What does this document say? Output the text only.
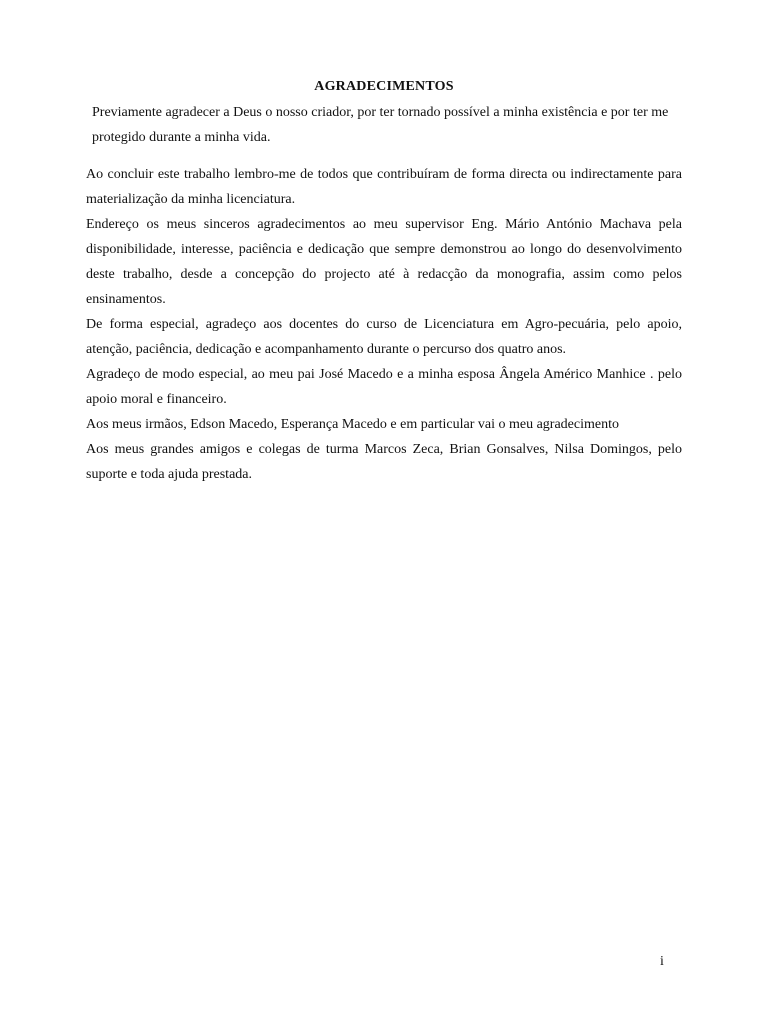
AGRADECIMENTOS
Previamente agradecer a Deus o nosso criador, por ter tornado possível a minha existência e por ter me protegido durante a minha vida.

Ao concluir este trabalho lembro-me de todos que contribuíram de forma directa ou indirectamente para materialização da minha licenciatura.

Endereço os meus sinceros agradecimentos ao meu supervisor Eng. Mário António Machava pela disponibilidade, interesse, paciência e dedicação que sempre demonstrou ao longo do desenvolvimento deste trabalho, desde a concepção do projecto até à redacção da monografia, assim como pelos ensinamentos.

De forma especial, agradeço aos docentes do curso de Licenciatura em Agro-pecuária, pelo apoio, atenção, paciência, dedicação e acompanhamento durante o percurso dos quatro anos.

Agradeço de modo especial, ao meu pai José Macedo e a minha esposa Ângela Américo Manhice . pelo apoio moral e financeiro.

Aos meus irmãos, Edson Macedo, Esperança Macedo e em particular vai o meu agradecimento

Aos meus grandes amigos e colegas de turma Marcos Zeca, Brian Gonsalves, Nilsa Domingos, pelo suporte e toda ajuda prestada.

i
